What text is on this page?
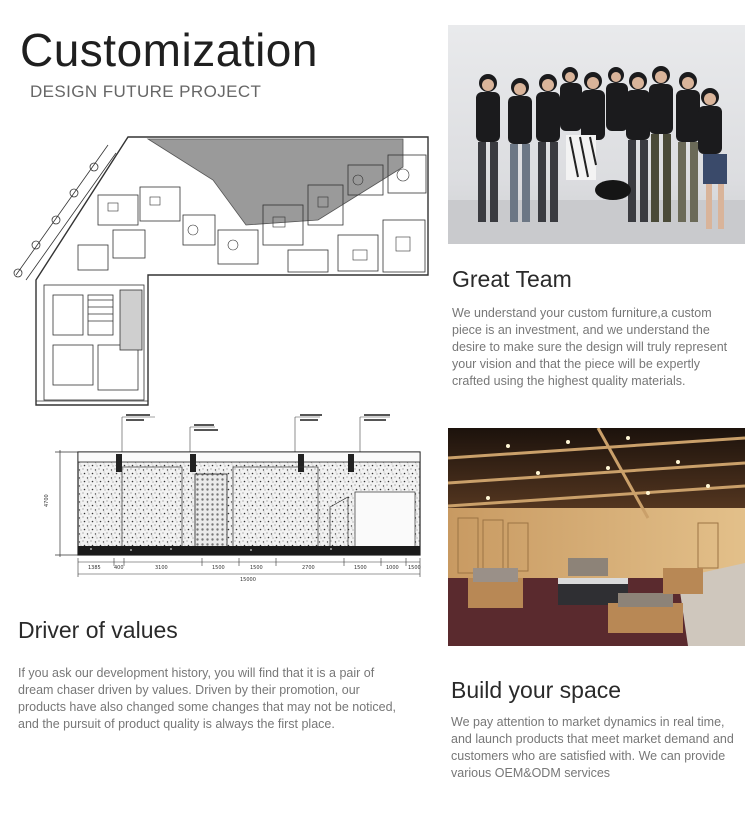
Customization
DESIGN FUTURE PROJECT
4700
1385	400	3100	1500	1500	2700	1500	1000 1500
15000
Great Team
We understand your custom furniture,a custom piece is an investment, and we understand the desire to make sure the design will truly represent your vision and that the piece will be expertly crafted using the highest quality materials.
Driver of values
If you ask our development history, you will find that it is a pair of dream chaser driven by values. Driven by their promotion, our products have also changed some changes that may not be noticed, and the pursuit of product quality is always the first place.
Build your space
We pay attention to market dynamics in real time, and launch products that meet market demand and customers who are satisfied with. We can provide various OEM&ODM services
